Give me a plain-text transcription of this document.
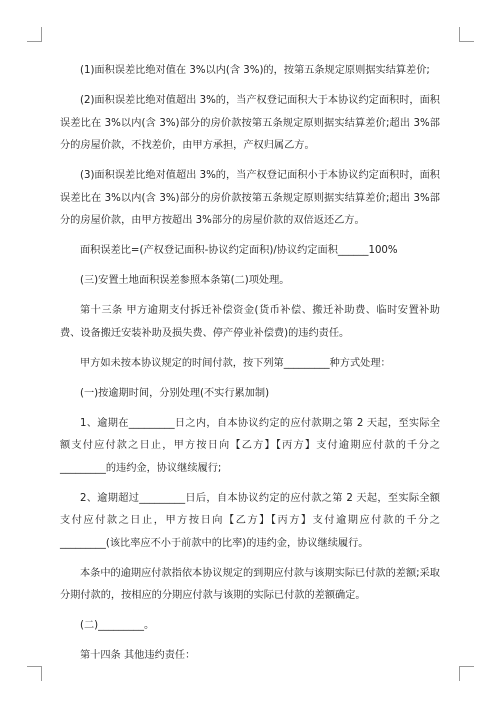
(1)面积误差比绝对值在 3%以内(含 3%)的，按第五条规定原则据实结算差价;

(2)面积误差比绝对值超出 3%的，当产权登记面积大于本协议约定面积时，面积误差比在 3%以内(含 3%)部分的房价款按第五条规定原则据实结算差价;超出 3%部分的房屋价款，不找差价，由甲方承担，产权归属乙方。

(3)面积误差比绝对值超出 3%的，当产权登记面积小于本协议约定面积时，面积误差比在 3%以内(含 3%)部分的房价款按第五条规定原则据实结算差价;超出 3%部分的房屋价款，由甲方按超出 3%部分的房屋价款的双倍返还乙方。

面积误差比=(产权登记面积-协议约定面积)/协议约定面积______100%

(三)安置土地面积误差参照本条第(二)项处理。

第十三条 甲方逾期支付拆迁补偿资金(货币补偿、搬迁补助费、临时安置补助费、设备搬迁安装补助及损失费、停产停业补偿费)的违约责任。

甲方如未按本协议规定的时间付款，按下列第_________种方式处理：

(一)按逾期时间，分别处理(不实行累加制)

1、逾期在_________日之内，自本协议约定的应付款期之第 2 天起，至实际全额支付应付款之日止，甲方按日向【乙方】【丙方】支付逾期应付款的千分之_________的违约金，协议继续履行;

2、逾期超过_________日后，自本协议约定的应付款之第 2 天起，至实际全额支付应付款之日止，甲方按日向【乙方】【丙方】支付逾期应付款的千分之_________(该比率应不小于前款中的比率)的违约金，协议继续履行。

本条中的逾期应付款指依本协议规定的到期应付款与该期实际已付款的差额;采取分期付款的，按相应的分期应付款与该期的实际已付款的差额确定。

(二)_________。

第十四条 其他违约责任：
